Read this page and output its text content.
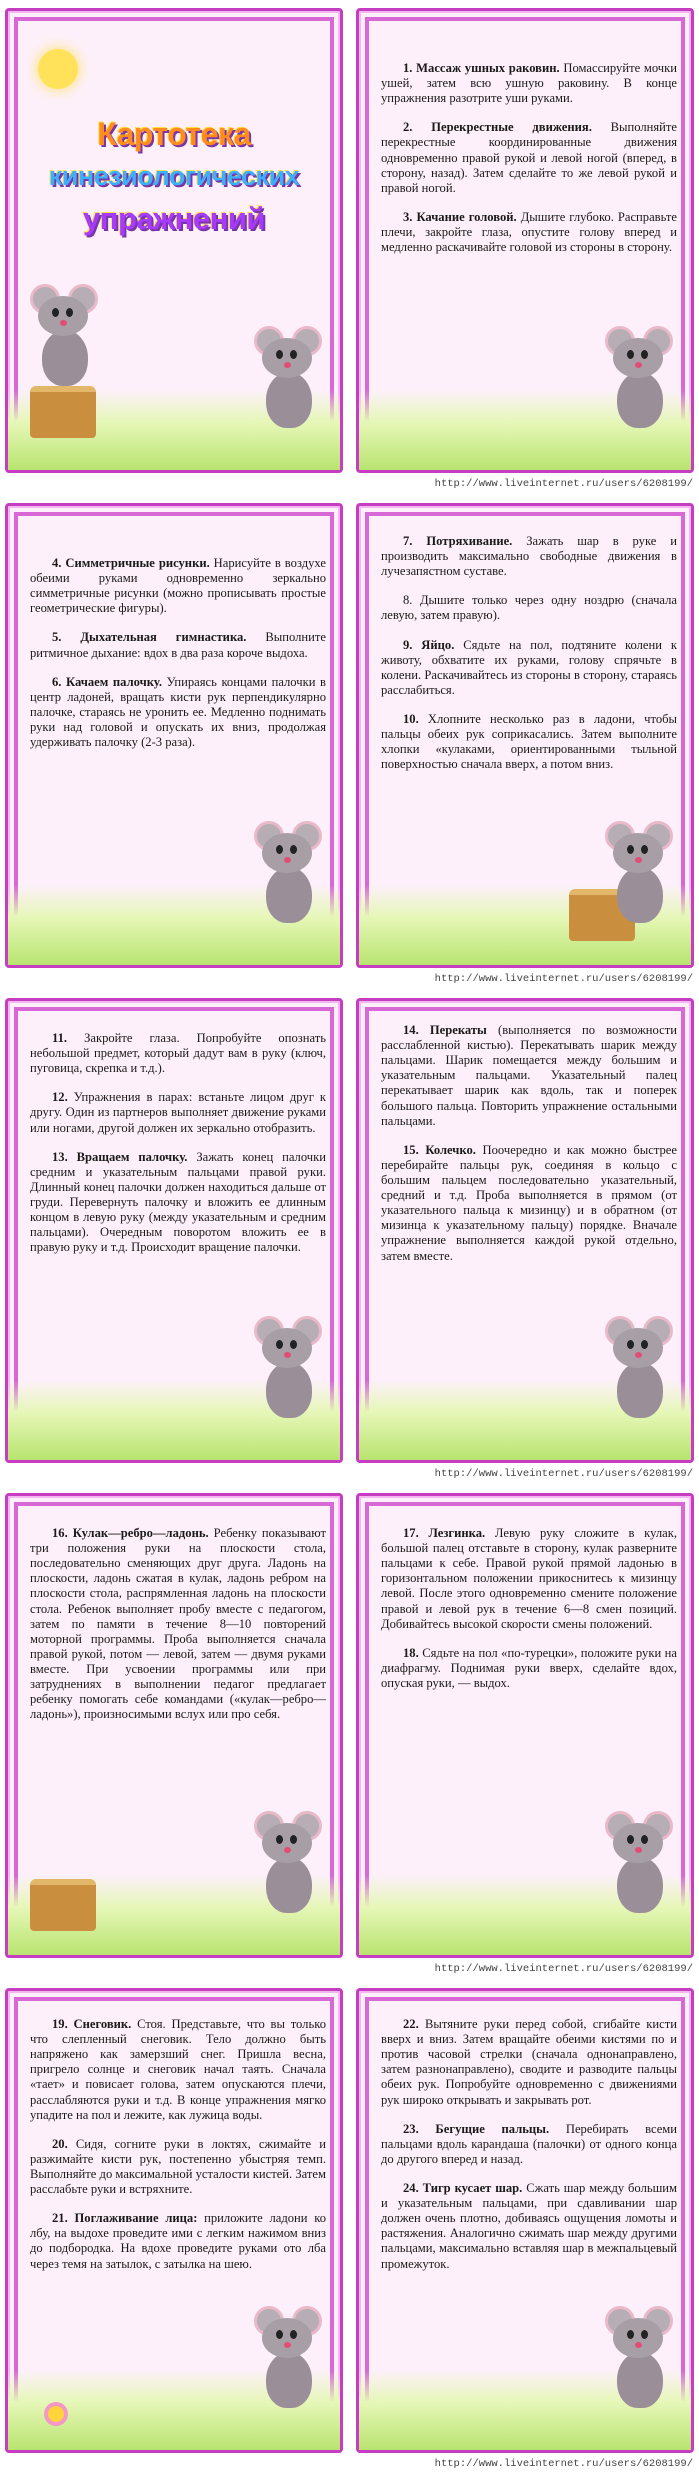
Картотека
кинезиологических
упражнений

1. Массаж ушных раковин. Помассируйте мочки ушей, затем всю ушную раковину. В конце упражнения разотрите уши руками.

2. Перекрестные движения. Выполняйте перекрестные координированные движения одновременно правой рукой и левой ногой (вперед, в сторону, назад). Затем сделайте то же левой рукой и правой ногой.

3. Качание головой. Дышите глубоко. Расправьте плечи, закройте глаза, опустите голову вперед и медленно раскачивайте головой из стороны в сторону.

http://www.liveinternet.ru/users/6208199/

4. Симметричные рисунки. Нарисуйте в воздухе обеими руками одновременно зеркально симметричные рисунки (можно прописывать простые геометрические фигуры).

5. Дыхательная гимнастика. Выполните ритмичное дыхание: вдох в два раза короче выдоха.

6. Качаем палочку. Упираясь концами палочки в центр ладоней, вращать кисти рук перпендикулярно палочке, стараясь не уронить ее. Медленно поднимать руки над головой и опускать их вниз, продолжая удерживать палочку (2-3 раза).

7. Потряхивание. Зажать шар в руке и производить максимально свободные движения в лучезапястном суставе.

8. Дышите только через одну ноздрю (сначала левую, затем правую).

9. Яйцо. Сядьте на пол, подтяните колени к животу, обхватите их руками, голову спрячьте в колени. Раскачивайтесь из стороны в сторону, стараясь расслабиться.

10. Хлопните несколько раз в ладони, чтобы пальцы обеих рук соприкасались. Затем выполните хлопки «кулаками, ориентированными тыльной поверхностью сначала вверх, а потом вниз.

http://www.liveinternet.ru/users/6208199/

11. Закройте глаза. Попробуйте опознать небольшой предмет, который дадут вам в руку (ключ, пуговица, скрепка и т.д.).

12. Упражнения в парах: встаньте лицом друг к другу. Один из партнеров выполняет движение руками или ногами, другой должен их зеркально отобразить.

13. Вращаем палочку. Зажать конец палочки средним и указательным пальцами правой руки. Длинный конец палочки должен находиться дальше от груди. Перевернуть палочку и вложить ее длинным концом в левую руку (между указательным и средним пальцами). Очередным поворотом вложить ее в правую руку и т.д. Происходит вращение палочки.

14. Перекаты (выполняется по возможности расслабленной кистью). Перекатывать шарик между пальцами. Шарик помещается между большим и указательным пальцами. Указательный палец перекатывает шарик как вдоль, так и поперек большого пальца. Повторить упражнение остальными пальцами.

15. Колечко. Поочередно и как можно быстрее перебирайте пальцы рук, соединяя в кольцо с большим пальцем последовательно указательный, средний и т.д. Проба выполняется в прямом (от указательного пальца к мизинцу) и в обратном (от мизинца к указательному пальцу) порядке. Вначале упражнение выполняется каждой рукой отдельно, затем вместе.

http://www.liveinternet.ru/users/6208199/

16. Кулак—ребро—ладонь. Ребенку показывают три положения руки на плоскости стола, последовательно сменяющих друг друга. Ладонь на плоскости, ладонь сжатая в кулак, ладонь ребром на плоскости стола, распрямленная ладонь на плоскости стола. Ребенок выполняет пробу вместе с педагогом, затем по памяти в течение 8—10 повторений моторной программы. Проба выполняется сначала правой рукой, потом — левой, затем — двумя руками вместе. При усвоении программы или при затруднениях в выполнении педагог предлагает ребенку помогать себе командами («кулак—ребро—ладонь»), произносимыми вслух или про себя.

17. Лезгинка. Левую руку сложите в кулак, большой палец отставьте в сторону, кулак разверните пальцами к себе. Правой рукой прямой ладонью в горизонтальном положении прикоснитесь к мизинцу левой. После этого одновременно смените положение правой и левой рук в течение 6—8 смен позиций. Добивайтесь высокой скорости смены положений.

18. Сядьте на пол «по-турецки», положите руки на диафрагму. Поднимая руки вверх, сделайте вдох, опуская руки, — выдох.

http://www.liveinternet.ru/users/6208199/

19. Снеговик. Стоя. Представьте, что вы только что слепленный снеговик. Тело должно быть напряжено как замерзший снег. Пришла весна, пригрело солнце и снеговик начал таять. Сначала «тает» и повисает голова, затем опускаются плечи, расслабляются руки и т.д. В конце упражнения мягко упадите на пол и лежите, как лужица воды.

20. Сидя, согните руки в локтях, сжимайте и разжимайте кисти рук, постепенно убыстряя темп. Выполняйте до максимальной усталости кистей. Затем расслабьте руки и встряхните.

21. Поглаживание лица: приложите ладони ко лбу, на выдохе проведите ими с легким нажимом вниз до подбородка. На вдохе проведите руками ото лба через темя на затылок, с затылка на шею.

22. Вытяните руки перед собой, сгибайте кисти вверх и вниз. Затем вращайте обеими кистями по и против часовой стрелки (сначала однонаправлено, затем разнонаправлено), сводите и разводите пальцы обеих рук. Попробуйте одновременно с движениями рук широко открывать и закрывать рот.

23. Бегущие пальцы. Перебирать всеми пальцами вдоль карандаша (палочки) от одного конца до другого вперед и назад.

24. Тигр кусает шар. Сжать шар между большим и указательным пальцами, при сдавливании шар должен очень плотно, добиваясь ощущения ломоты и растяжения. Аналогично сжимать шар между другими пальцами, максимально вставляя шар в межпальцевый промежуток.

http://www.liveinternet.ru/users/6208199/
